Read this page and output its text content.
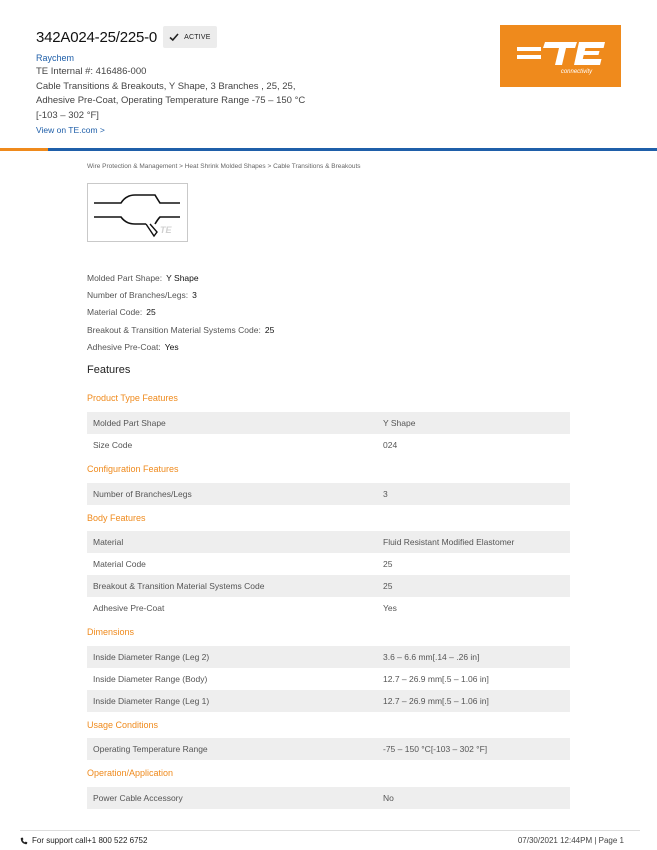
342A024-25/225-0	ACTIVE
Raychem
TE Internal #: 416486-000
Cable Transitions & Breakouts, Y Shape, 3 Branches , 25, 25,
Adhesive Pre-Coat, Operating Temperature Range -75 – 150 °C
[-103 – 302 °F]
View on TE.com >
connectivity
Wire Protection & Management > Heat Shrink Molded Shapes > Cable Transitions & Breakouts
TE
Molded Part Shape: Y Shape
Number of Branches/Legs: 3
Material Code: 25
Breakout & Transition Material Systems Code: 25
Adhesive Pre-Coat: Yes
Features
Product Type Features
Molded Part Shape	Y Shape
Size Code	024
Configuration Features
Number of Branches/Legs	3
Body Features
Material	Fluid Resistant Modified Elastomer
Material Code	25
Breakout & Transition Material Systems Code	25
Adhesive Pre-Coat	Yes
Dimensions
Inside Diameter Range (Leg 2)	3.6 – 6.6 mm[.14 – .26 in]
Inside Diameter Range (Body)	12.7 – 26.9 mm[.5 – 1.06 in]
Inside Diameter Range (Leg 1)	12.7 – 26.9 mm[.5 – 1.06 in]
Usage Conditions
Operating Temperature Range	-75 – 150 °C[-103 – 302 °F]
Operation/Application
Power Cable Accessory	No
For support call+1 800 522 6752	07/30/2021 12:44PM | Page 1
